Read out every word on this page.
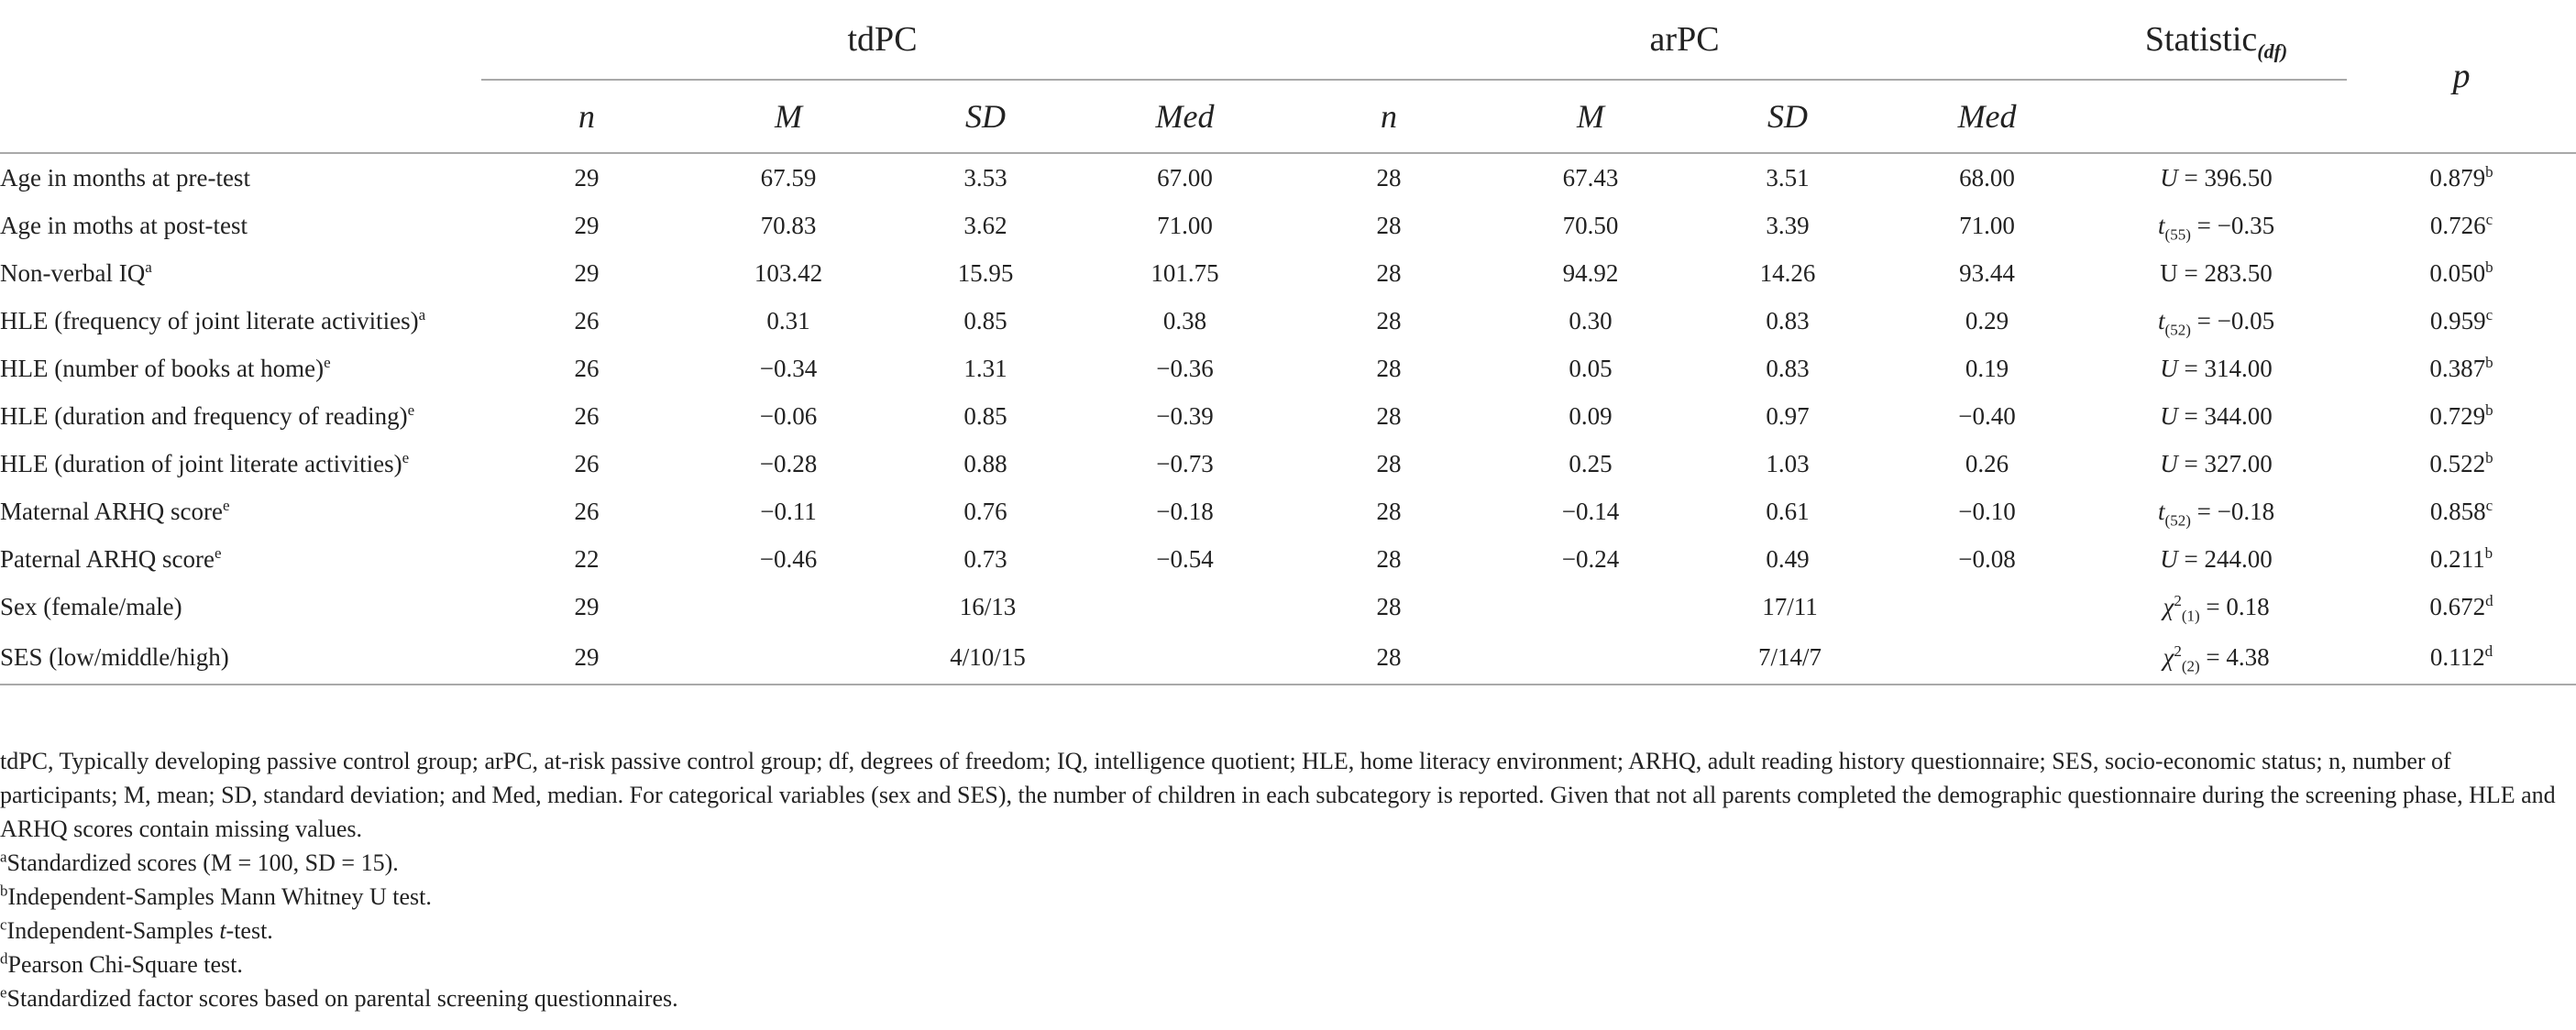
	tdPC				arPC				Statistic$_{(df)}$	p
	n	M	SD	Med	n	M	SD	Med		
Age in months at pre-test	29	67.59	3.53	67.00	28	67.43	3.51	68.00	U = 396.50	0.879$^b$
Age in moths at post-test	29	70.83	3.62	71.00	28	70.50	3.39	71.00	$t_{(55)} = -0.35$	0.726$^c$
Non-verbal $IQ^a$	29	103.42	15.95	101.75	28	94.92	14.26	93.44	U = 283.50	0.050$^b$
HLE (frequency of joint literate activities)$^a$	26	0.31	0.85	0.38	28	0.30	0.83	0.29	$t_{(52)} = -0.05$	0.959$^c$
HLE (number of books at home)$^e$	26	−0.34	1.31	−0.36	28	0.05	0.83	0.19	U = 314.00	0.387$^b$
HLE (duration and frequency of reading)$^e$	26	−0.06	0.85	−0.39	28	0.09	0.97	−0.40	U = 344.00	0.729$^b$
HLE (duration of joint literate activities)$^e$	26	−0.28	0.88	−0.73	28	0.25	1.03	0.26	U = 327.00	0.522$^b$
Maternal ARHQ score$^e$	26	−0.11	0.76	−0.18	28	−0.14	0.61	−0.10	$t_{(52)} = -0.18$	0.858$^c$
Paternal ARHQ score$^e$	22	−0.46	0.73	−0.54	28	−0.24	0.49	−0.08	U = 244.00	0.211$^b$
Sex (female/male)	29	16/13			28	17/11			$\chi^2_{(1)} = 0.18$	0.672$^d$
SES (low/middle/high)	29	4/10/15			28	7/14/7			$\chi^2_{(2)} = 4.38$	0.112$^d$

tdPC, Typically developing passive control group; arPC, at-risk passive control group; df, degrees of freedom; IQ, intelligence quotient; HLE, home literacy environment; ARHQ, adult reading history questionnaire; SES, socio-economic status; n, number of participants; M, mean; SD, standard deviation; and Med, median. For categorical variables (sex and SES), the number of children in each subcategory is reported. Given that not all parents completed the demographic questionnaire during the screening phase, HLE and ARHQ scores contain missing values.

$^a$Standardized scores (M = 100, SD = 15).

$^b$Independent-Samples Mann Whitney U test.

$^c$Independent-Samples t-test.

$^d$Pearson Chi-Square test.

$^e$Standardized factor scores based on parental screening questionnaires.
